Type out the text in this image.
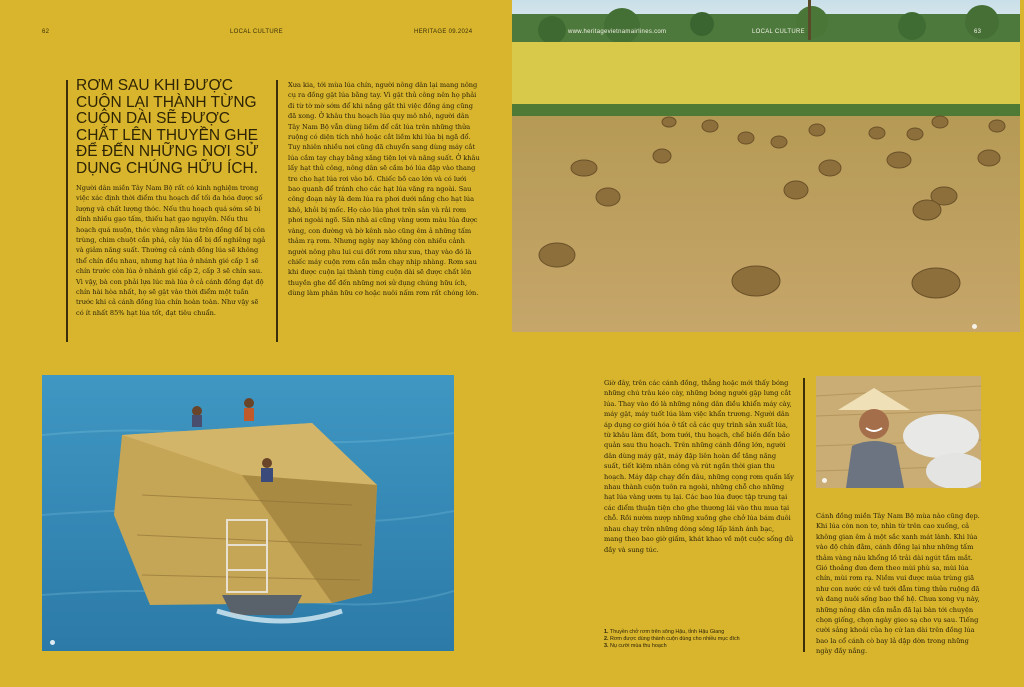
62	LOCAL CULTURE	HERITAGE 09.2024
RƠM SAU KHI ĐƯỢC CUỘN LẠI THÀNH TỪNG CUỘN DÀI SẼ ĐƯỢC CHẤT LÊN THUYỀN GHE ĐỂ ĐẾN NHỮNG NƠI SỬ DỤNG CHÚNG HỮU ÍCH.
Người dân miền Tây Nam Bộ rất có kinh nghiệm trong việc xác định thời điểm thu hoạch để tối đa hóa được số lượng và chất lượng thóc. Nếu thu hoạch quá sớm sẽ bị dính nhiều gạo tấm, thiếu hạt gạo nguyên. Nếu thu hoạch quá muộn, thóc vàng nằm lâu trên đồng để bị côn trùng, chim chuột cắn phá, cây lúa dễ bị đổ nghiêng ngả và giảm năng suất. Thường cả cánh đồng lúa sẽ không thể chín đều nhau, nhưng hạt lúa ở nhánh gié cấp 1 sẽ chín trước còn lúa ở nhánh gié cấp 2, cấp 3 sẽ chín sau. Vì vậy, bà con phải lựa lúc mà lúa ở cả cánh đồng đạt độ chín hài hòa nhất, họ sẽ gặt vào thời điểm một tuần trước khi cả cánh đồng lúa chín hoàn toàn. Như vậy sẽ có ít nhất 85% hạt lúa tốt, đạt tiêu chuẩn.
Xưa kia, tới mùa lúa chín, người nông dân lại mang nông cụ ra đồng gặt lúa bằng tay. Vì gặt thủ công nên họ phải đi từ tờ mờ sớm để khi nắng gắt thì việc đồng áng cũng đã xong. Ở khâu thu hoạch lúa quy mô nhỏ, người dân Tây Nam Bộ vẫn dùng liềm để cắt lúa trên những thửa ruộng có diện tích nhỏ hoặc cắt liềm khi lúa bị ngã đổ. Tuy nhiên nhiều nơi cũng đã chuyển sang dùng máy cắt lúa cầm tay chạy bằng xăng tiện lợi và năng suất. Ở khâu lấy hạt thủ công, nông dân sẽ cầm bó lúa đập vào thang tre cho hạt lúa rơi vào bồ. Chiếc bồ cao lớn và có lưới bao quanh để tránh cho các hạt lúa văng ra ngoài. Sau công đoạn này là đem lúa ra phơi dưới nắng cho hạt lúa khô, khỏi bị mốc. Họ cào lúa phơi trên sân và rải rơm phơi ngoài ngõ. Sân nhà ai cũng vàng ươm màu lúa được vàng, con đường và bờ kênh nào cũng êm ả những tấm thảm rạ rơm. Nhưng ngày nay không còn nhiều cảnh người nông phu lui cui đốt rơm như xưa, thay vào đó là chiếc máy cuộn rơm cần mẫn chạy nhịp nhàng. Rơm sau khi được cuộn lại thành từng cuộn dài sẽ được chất lên thuyền ghe để đến những nơi sử dụng chúng hữu ích, dùng làm phân hữu cơ hoặc nuôi nấm rơm rất chóng lớn.
www.heritagevietnamairlines.com	LOCAL CULTURE	63
Giờ đây, trên các cánh đồng, thẳng hoặc mới thấy bóng những chú trâu kéo cày, những bóng người gặp lưng cắt lúa. Thay vào đó là những nông dân điều khiển máy cày, máy gặt, máy tuốt lúa làm việc khẩn trương. Người dân áp dụng cơ giới hóa ở tất cả các quy trình sản xuất lúa, từ khâu làm đất, bơm tưới, thu hoạch, chế biến đến bảo quản sau thu hoạch. Trên những cánh đồng lớn, người dân dùng máy gặt, máy đập liên hoàn để tăng năng suất, tiết kiệm nhân công và rút ngắn thời gian thu hoạch. Máy đập chạy đến đâu, những cọng rơm quấn lấy nhau thành cuộn tuôn ra ngoài, những chỗ cho những hạt lúa vàng ươm tụ lại. Các bao lúa được tập trung tại các điểm thuận tiện cho ghe thương lái vào thu mua tại chỗ. Rồi nườm nượp những xuồng ghe chở lúa bám đuôi nhau chạy trên những dòng sông lấp lánh ánh bạc, mang theo bao giờ giấm, khát khao về một cuộc sống đủ đầy và sung túc.
Cánh đồng miền Tây Nam Bộ mùa nào cũng đẹp. Khi lúa còn non tơ, nhìn từ trên cao xuống, cả không gian êm ả một sắc xanh mát lành. Khi lúa vào độ chín đằm, cánh đồng lại như những tấm thảm vàng nâu khổng lồ trải dài ngút tầm mắt. Gió thoảng đưa đem theo mùi phù sa, mùi lúa chín, mùi rơm rạ. Niềm vui được mùa trùng giã như con nước cứ về tưới đẫm từng thửa ruộng đã và đang nuôi sống bao thế hệ. Chưa xong vụ này, những nông dân cần mẫn đã lại bàn tới chuyện chọn giống, chọn ngày gieo sạ cho vụ sau. Tiếng cười sảng khoái của họ cứ lan dài trên đồng lúa bao la cổ cánh cò bay lả dập dờn trong những ngày đầy nắng.
1. Thuyền chở rơm trên sông Hậu, tỉnh Hậu Giang
2. Rơm được dùng thành cuộn dùng cho nhiều mục đích
3. Nụ cười mùa thu hoạch
